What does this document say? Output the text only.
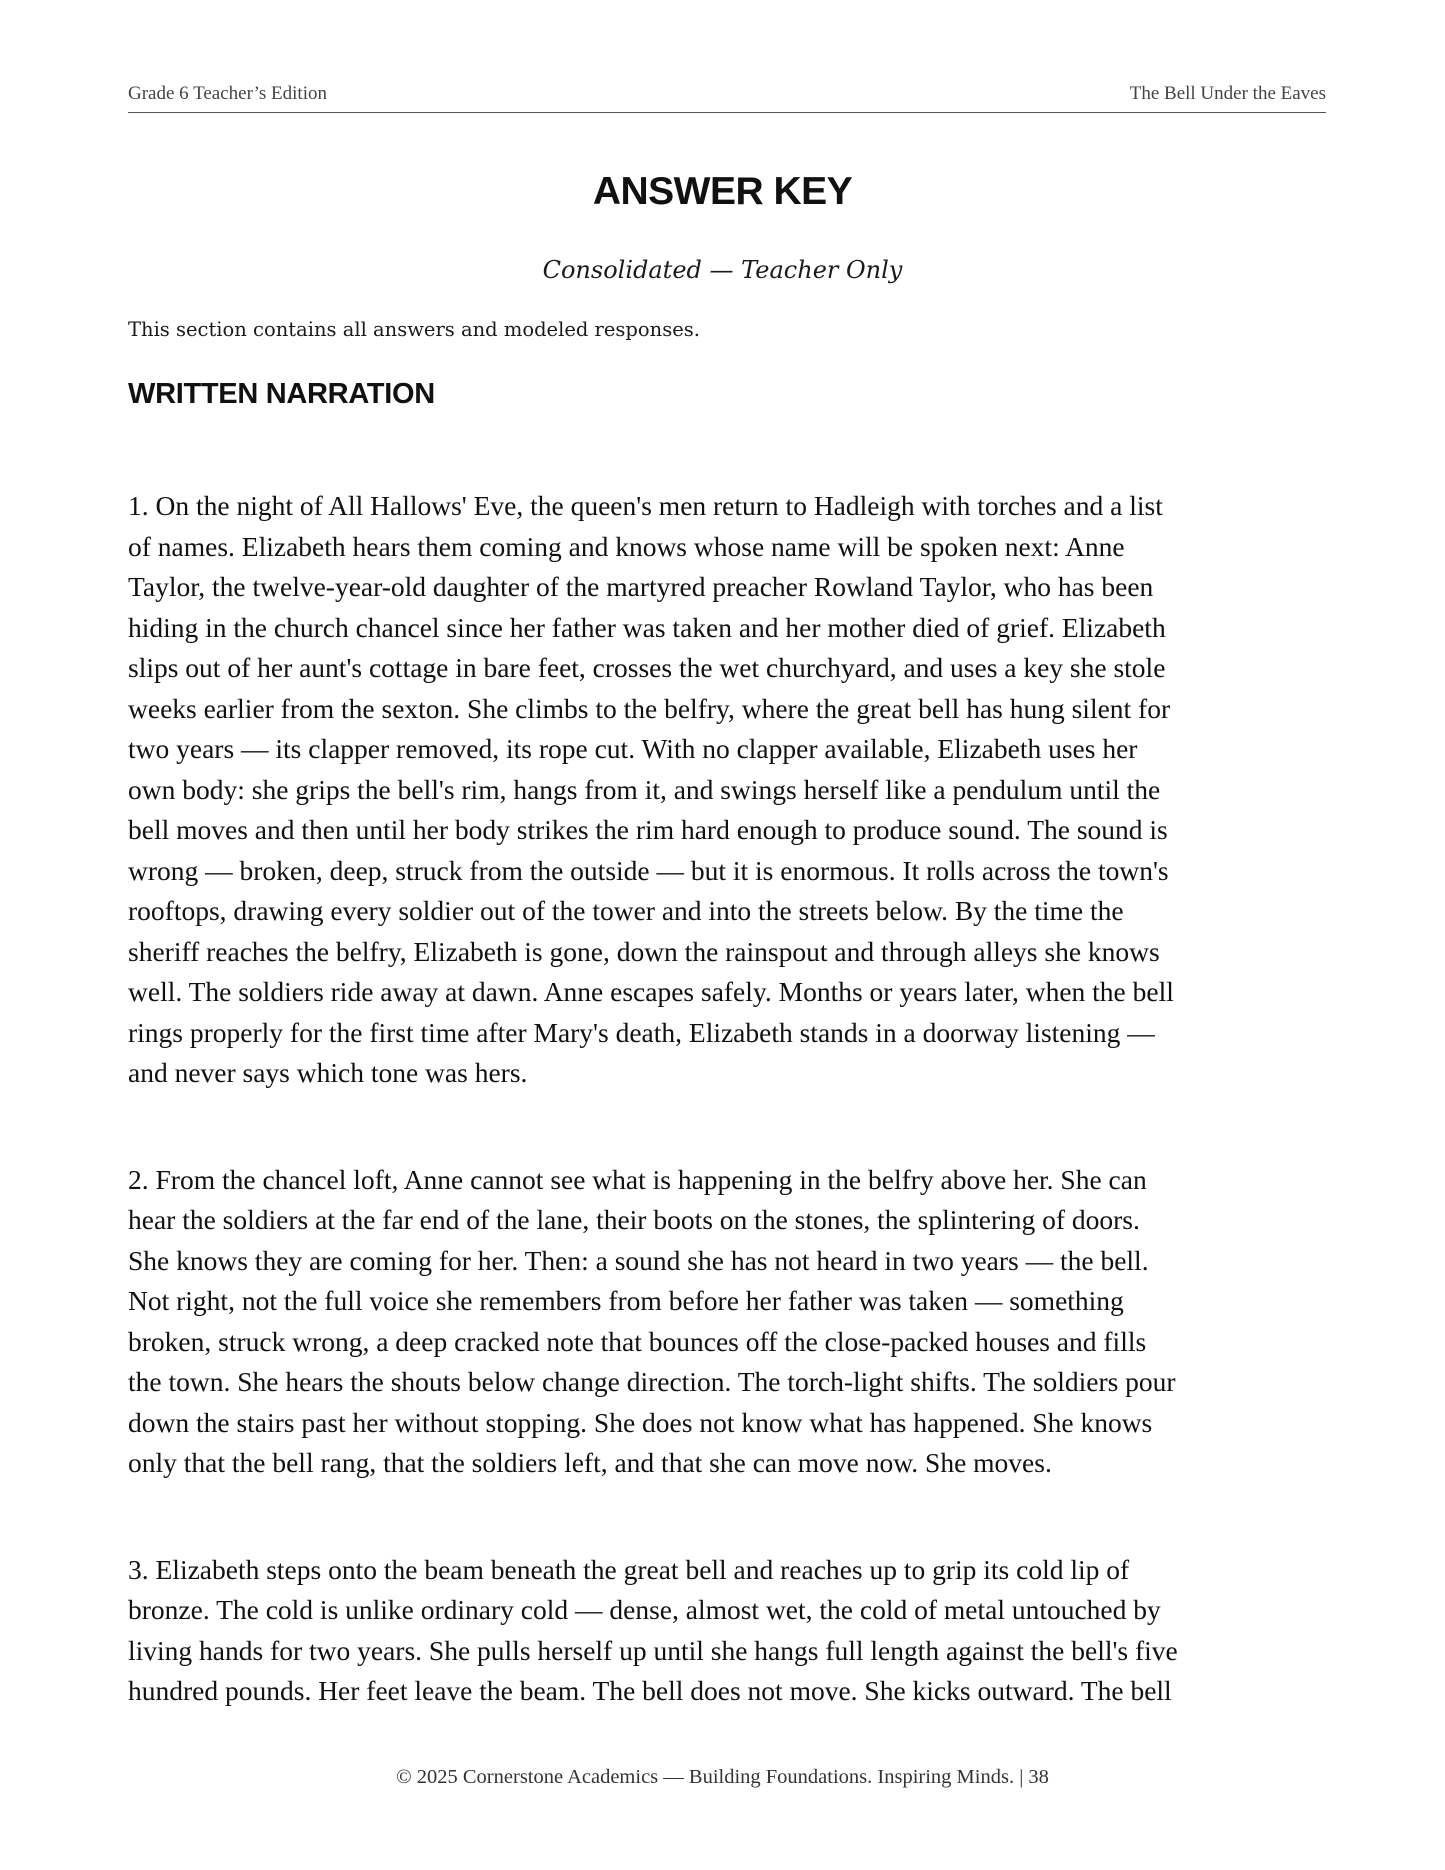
Grade 6 Teacher’s Edition	The Bell Under the Eaves
ANSWER KEY
Consolidated — Teacher Only
This section contains all answers and modeled responses.
WRITTEN NARRATION
1. On the night of All Hallows' Eve, the queen's men return to Hadleigh with torches and a list
of names. Elizabeth hears them coming and knows whose name will be spoken next: Anne
Taylor, the twelve-year-old daughter of the martyred preacher Rowland Taylor, who has been
hiding in the church chancel since her father was taken and her mother died of grief. Elizabeth
slips out of her aunt's cottage in bare feet, crosses the wet churchyard, and uses a key she stole
weeks earlier from the sexton. She climbs to the belfry, where the great bell has hung silent for
two years — its clapper removed, its rope cut. With no clapper available, Elizabeth uses her
own body: she grips the bell's rim, hangs from it, and swings herself like a pendulum until the
bell moves and then until her body strikes the rim hard enough to produce sound. The sound is
wrong — broken, deep, struck from the outside — but it is enormous. It rolls across the town's
rooftops, drawing every soldier out of the tower and into the streets below. By the time the
sheriff reaches the belfry, Elizabeth is gone, down the rainspout and through alleys she knows
well. The soldiers ride away at dawn. Anne escapes safely. Months or years later, when the bell
rings properly for the first time after Mary's death, Elizabeth stands in a doorway listening —
and never says which tone was hers.
2. From the chancel loft, Anne cannot see what is happening in the belfry above her. She can
hear the soldiers at the far end of the lane, their boots on the stones, the splintering of doors.
She knows they are coming for her. Then: a sound she has not heard in two years — the bell.
Not right, not the full voice she remembers from before her father was taken — something
broken, struck wrong, a deep cracked note that bounces off the close-packed houses and fills
the town. She hears the shouts below change direction. The torch-light shifts. The soldiers pour
down the stairs past her without stopping. She does not know what has happened. She knows
only that the bell rang, that the soldiers left, and that she can move now. She moves.
3. Elizabeth steps onto the beam beneath the great bell and reaches up to grip its cold lip of
bronze. The cold is unlike ordinary cold — dense, almost wet, the cold of metal untouched by
living hands for two years. She pulls herself up until she hangs full length against the bell's five
hundred pounds. Her feet leave the beam. The bell does not move. She kicks outward. The bell
© 2025 Cornerstone Academics — Building Foundations. Inspiring Minds. | 38
